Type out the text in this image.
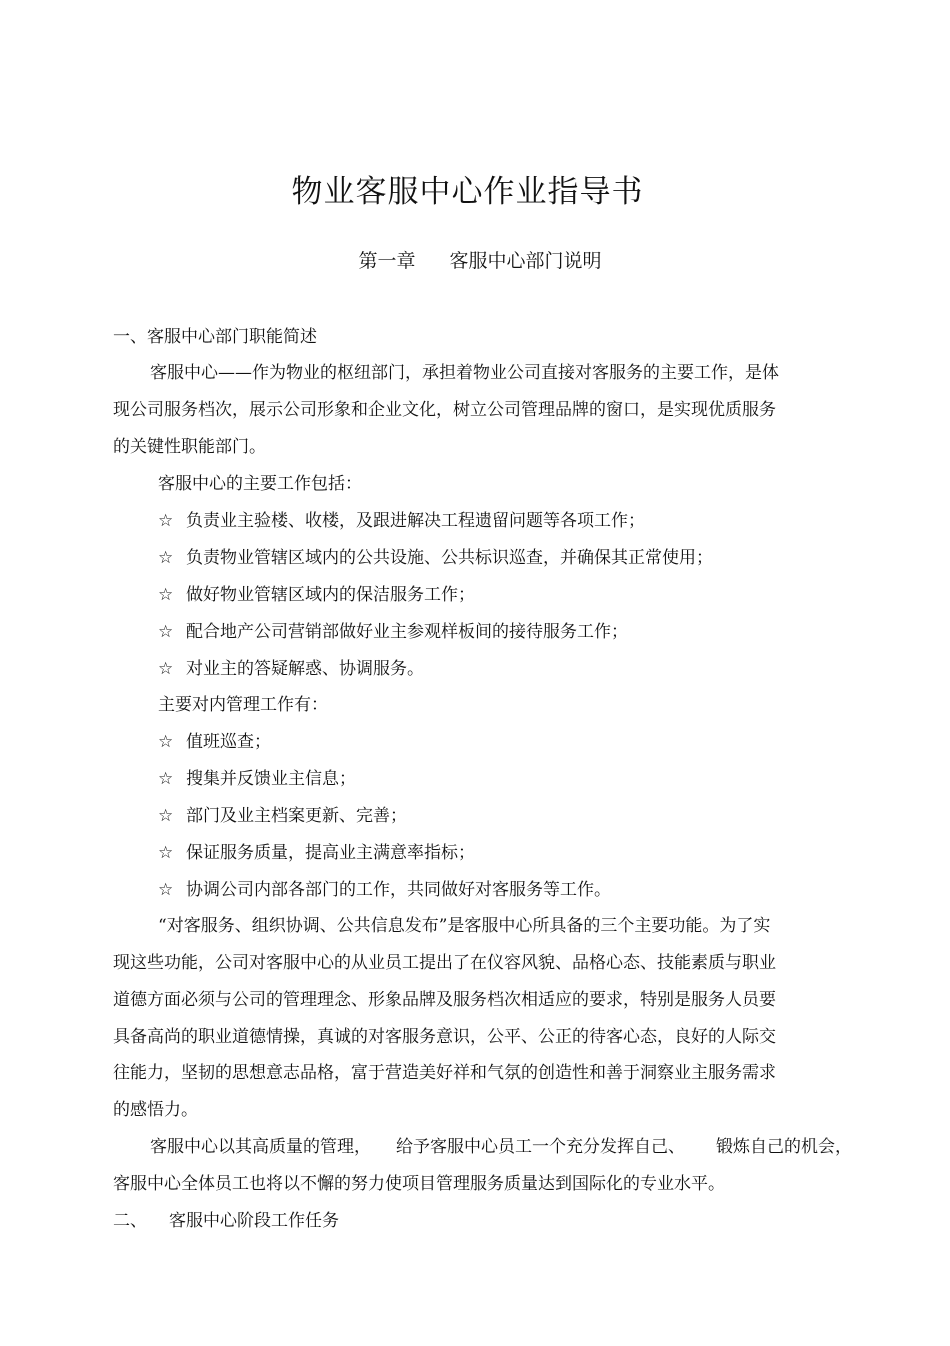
物业客服中心作业指导书
第一章 客服中心部门说明
一、客服中心部门职能简述
客服中心——作为物业的枢纽部门，承担着物业公司直接对客服务的主要工作，是体
现公司服务档次，展示公司形象和企业文化，树立公司管理品牌的窗口，是实现优质服务
的关键性职能部门。
客服中心的主要工作包括：
☆ 负责业主验楼、收楼，及跟进解决工程遗留问题等各项工作；
☆ 负责物业管辖区域内的公共设施、公共标识巡查，并确保其正常使用；
☆ 做好物业管辖区域内的保洁服务工作；
☆ 配合地产公司营销部做好业主参观样板间的接待服务工作；
☆ 对业主的答疑解惑、协调服务。
主要对内管理工作有：
☆ 值班巡查；
☆ 搜集并反馈业主信息；
☆ 部门及业主档案更新、完善；
☆ 保证服务质量，提高业主满意率指标；
☆ 协调公司内部各部门的工作，共同做好对客服务等工作。
“对客服务、组织协调、公共信息发布”是客服中心所具备的三个主要功能。为了实
现这些功能，公司对客服中心的从业员工提出了在仪容风貌、品格心态、技能素质与职业
道德方面必须与公司的管理理念、形象品牌及服务档次相适应的要求，特别是服务人员要
具备高尚的职业道德情操，真诚的对客服务意识，公平、公正的待客心态，良好的人际交
往能力，坚韧的思想意志品格，富于营造美好祥和气氛的创造性和善于洞察业主服务需求
的感悟力。
客服中心以其高质量的管理， 给予客服中心员工一个充分发挥自己、 锻炼自己的机会，
客服中心全体员工也将以不懈的努力使项目管理服务质量达到国际化的专业水平。
二、 客服中心阶段工作任务
